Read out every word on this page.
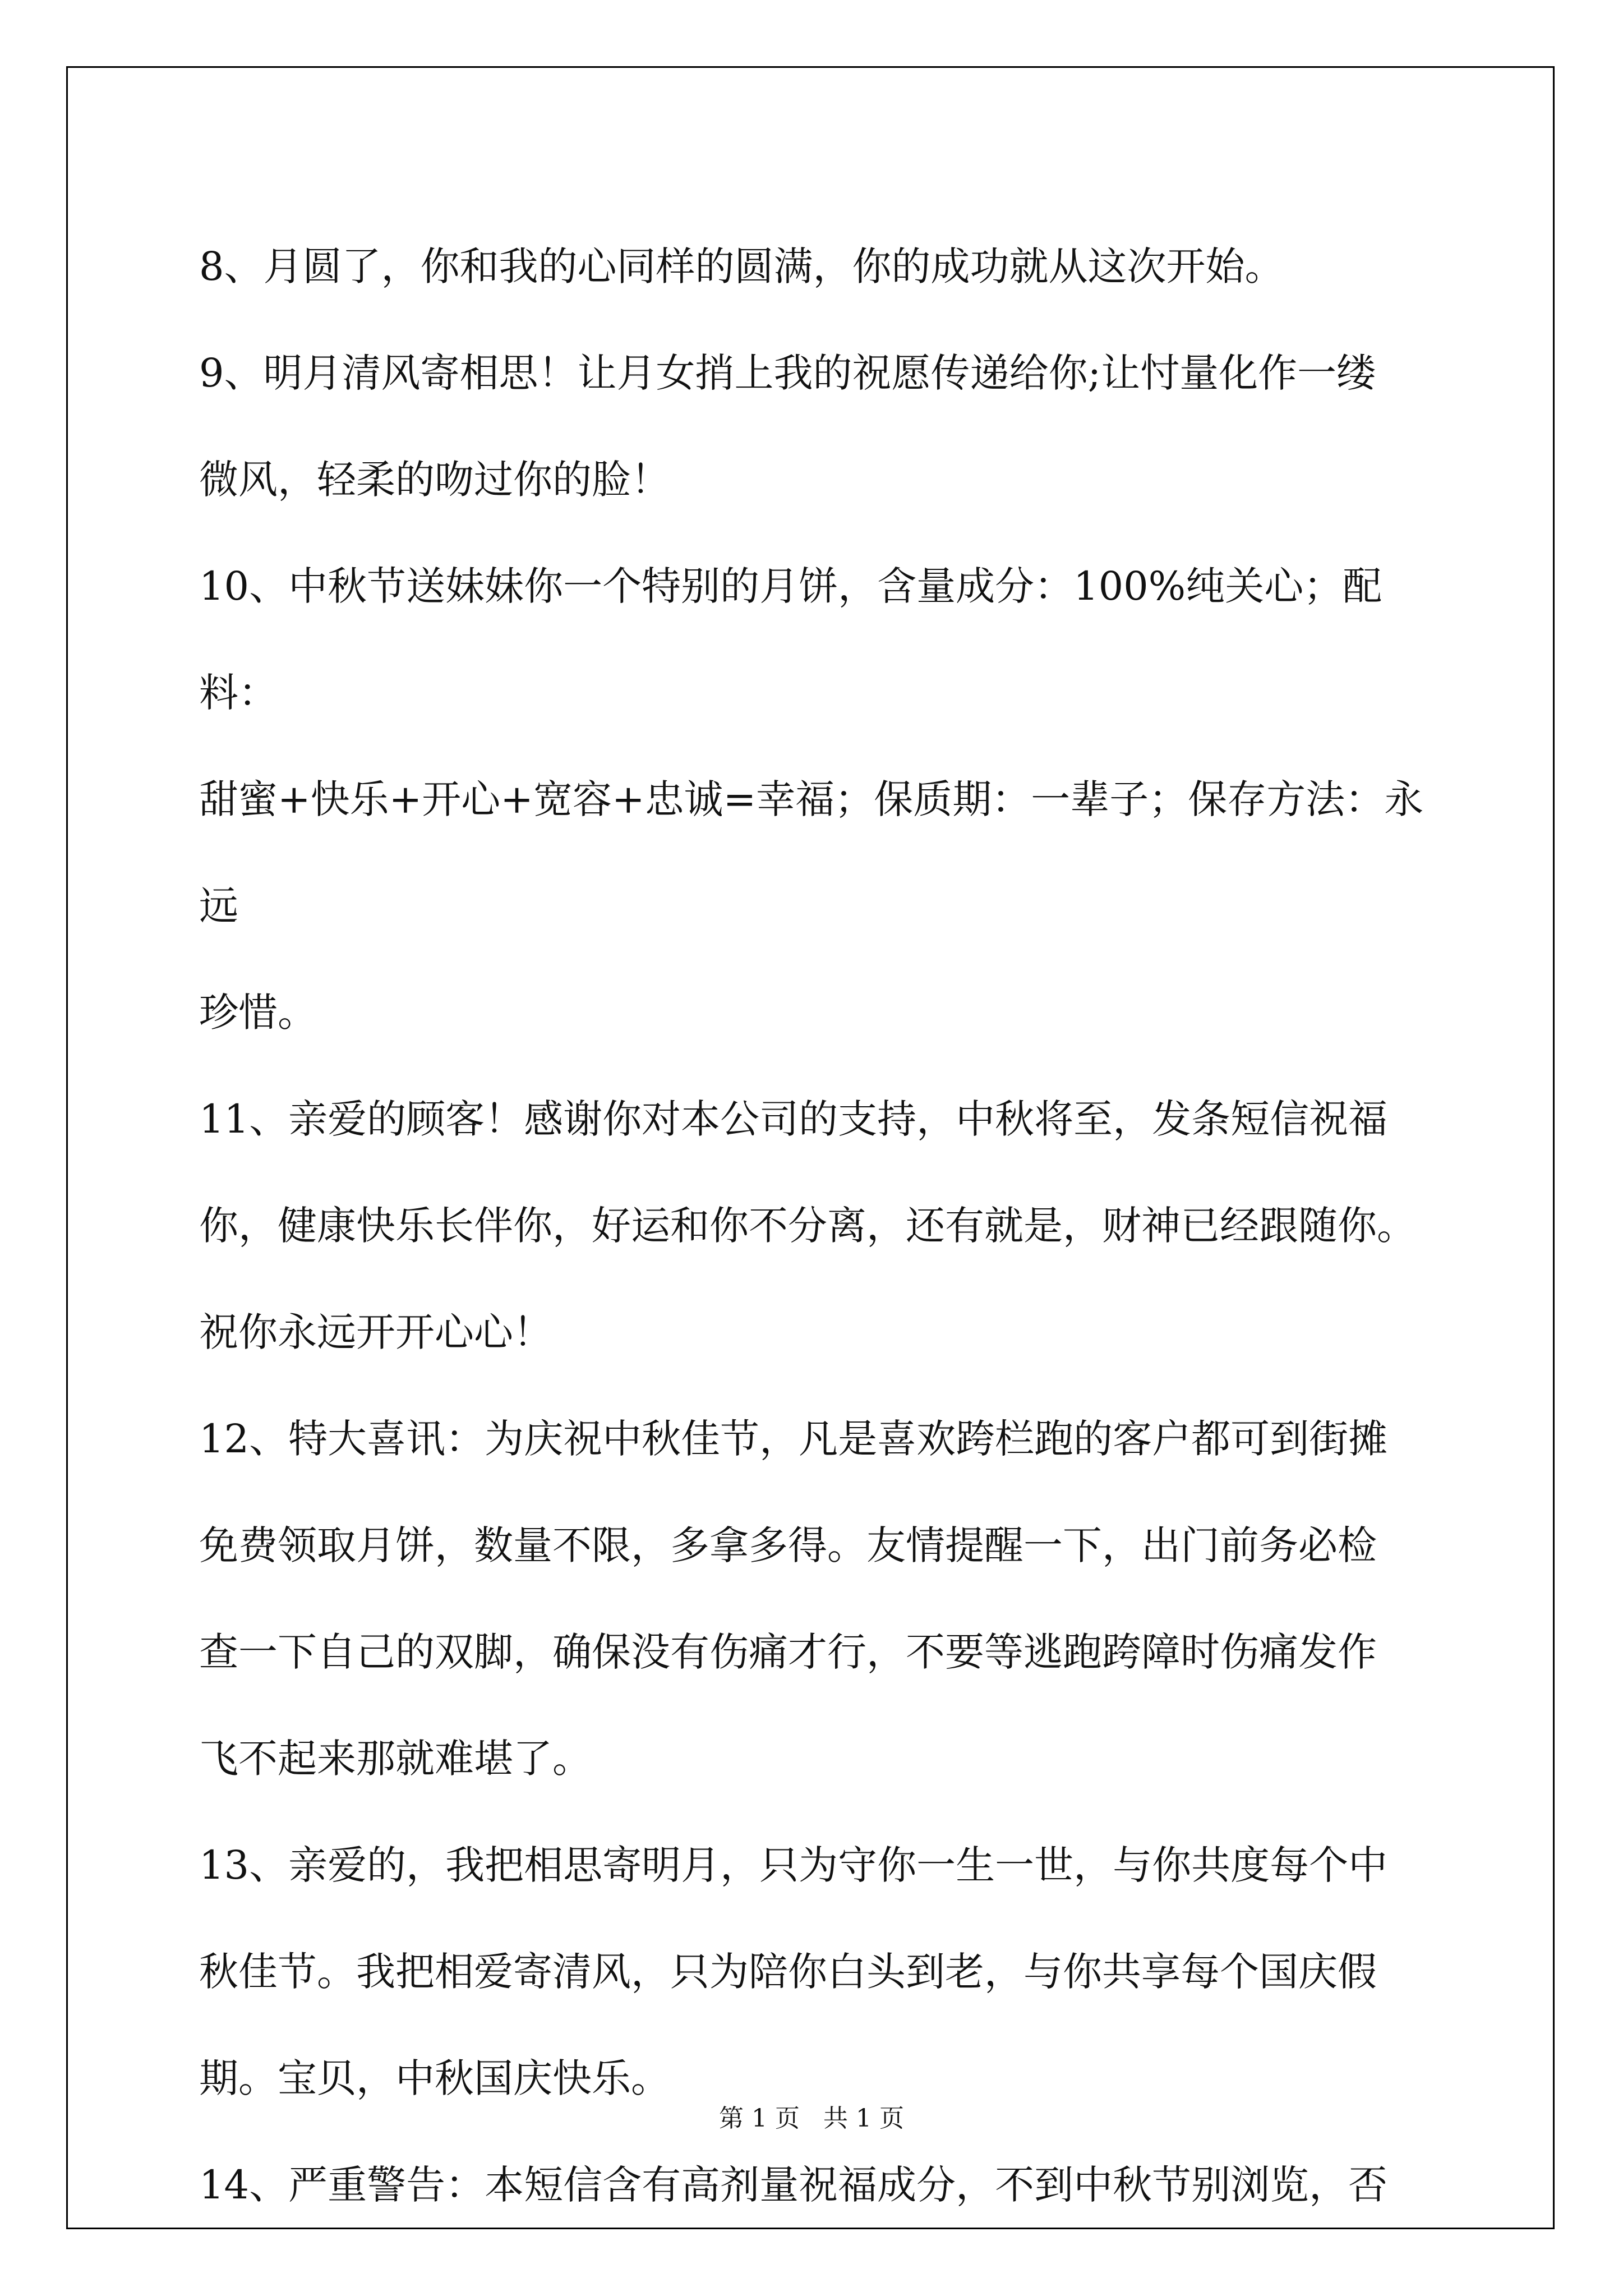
8、月圆了，你和我的心同样的圆满，你的成功就从这次开始。

9、明月清风寄相思！让月女捎上我的祝愿传递给你;让忖量化作一缕
微风，轻柔的吻过你的脸！

10、中秋节送妹妹你一个特别的月饼，含量成分：100%纯关心；配料：
甜蜜+快乐+开心+宽容+忠诚=幸福；保质期：一辈子；保存方法：永远
珍惜。

11、亲爱的顾客！感谢你对本公司的支持，中秋将至，发条短信祝福
你，健康快乐长伴你，好运和你不分离，还有就是，财神已经跟随你。
祝你永远开开心心！

12、特大喜讯：为庆祝中秋佳节，凡是喜欢跨栏跑的客户都可到街摊
免费领取月饼，数量不限，多拿多得。友情提醒一下，出门前务必检
查一下自己的双脚，确保没有伤痛才行，不要等逃跑跨障时伤痛发作
飞不起来那就难堪了。

13、亲爱的，我把相思寄明月，只为守你一生一世，与你共度每个中
秋佳节。我把相爱寄清风，只为陪你白头到老，与你共享每个国庆假
期。宝贝，中秋国庆快乐。

14、严重警告：本短信含有高剂量祝福成分，不到中秋节别浏览，否

第 1 页 共 1 页
